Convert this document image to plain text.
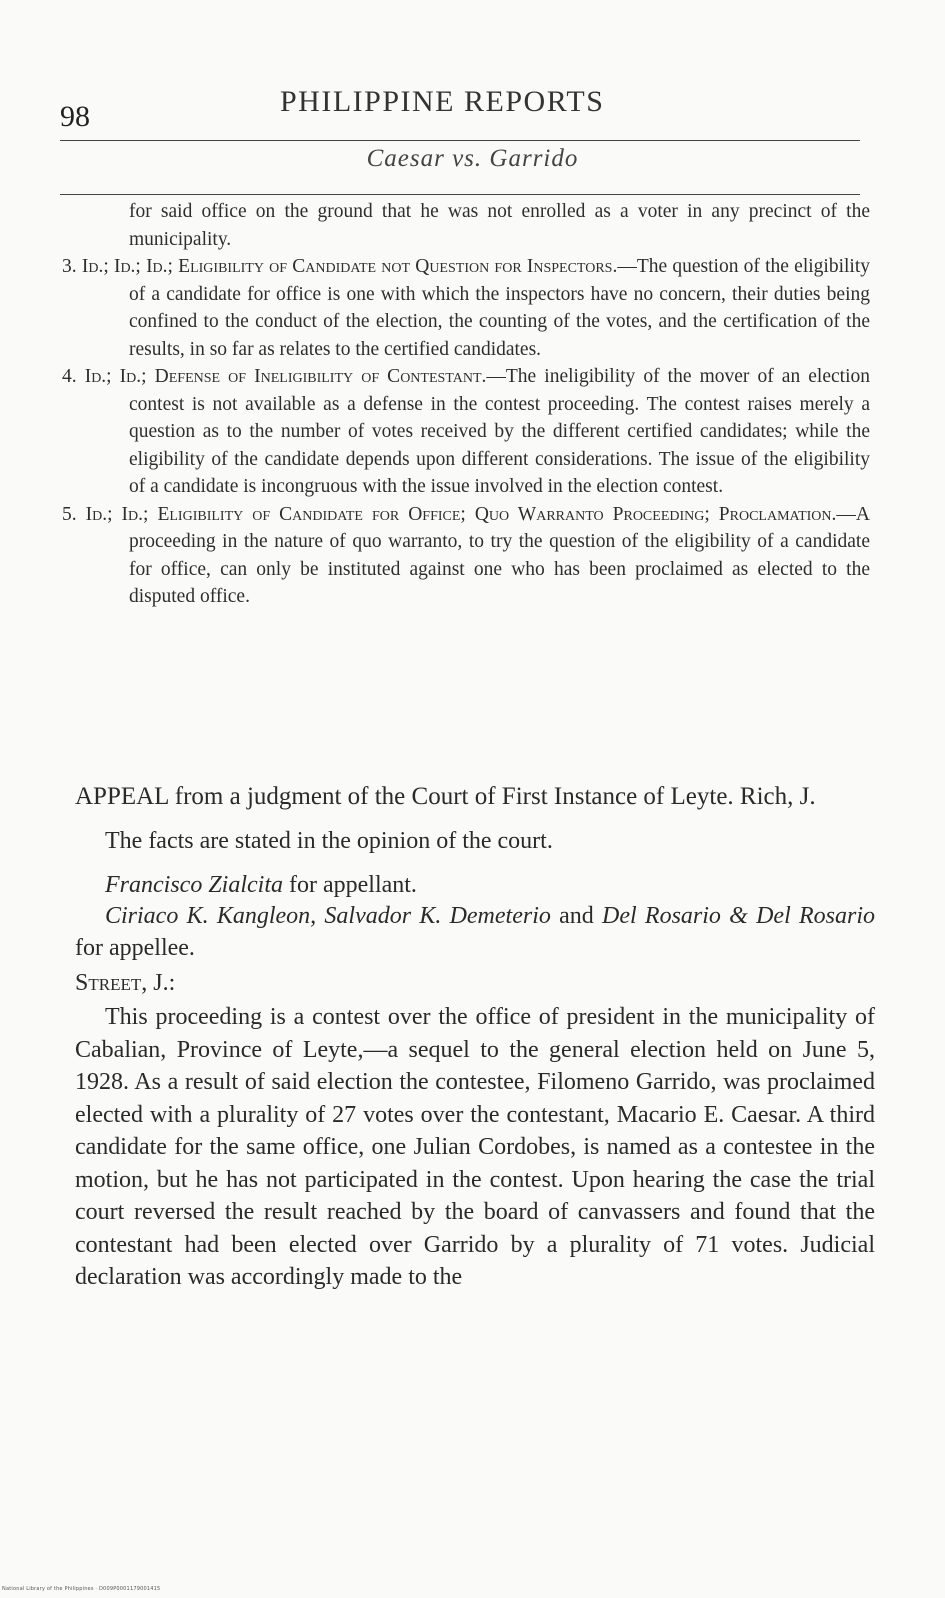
98	PHILIPPINE REPORTS
Caesar vs. Garrido

for said office on the ground that he was not enrolled as a voter in any precinct of the municipality.

3. Id.; Id.; Id.; Eligibility of Candidate not Question for Inspectors.—The question of the eligibility of a candidate for office is one with which the inspectors have no concern, their duties being confined to the conduct of the election, the counting of the votes, and the certification of the results, in so far as relates to the certified candidates.

4. Id.; Id.; Defense of Ineligibility of Contestant.—The ineligibility of the mover of an election contest is not available as a defense in the contest proceeding. The contest raises merely a question as to the number of votes received by the different certified candidates; while the eligibility of the candidate depends upon different considerations. The issue of the eligibility of a candidate is incongruous with the issue involved in the election contest.

5. Id.; Id.; Eligibility of Candidate for Office; Quo Warranto Proceeding; Proclamation.—A proceeding in the nature of quo warranto, to try the question of the eligibility of a candidate for office, can only be instituted against one who has been proclaimed as elected to the disputed office.

APPEAL from a judgment of the Court of First Instance of Leyte. Rich, J.

The facts are stated in the opinion of the court.

Francisco Zialcita for appellant.

Ciriaco K. Kangleon, Salvador K. Demeterio and Del Rosario & Del Rosario for appellee.

Street, J.:

This proceeding is a contest over the office of president in the municipality of Cabalian, Province of Leyte,—a sequel to the general election held on June 5, 1928. As a result of said election the contestee, Filomeno Garrido, was proclaimed elected with a plurality of 27 votes over the contestant, Macario E. Caesar. A third candidate for the same office, one Julian Cordobes, is named as a contestee in the motion, but he has not participated in the contest. Upon hearing the case the trial court reversed the result reached by the board of canvassers and found that the contestant had been elected over Garrido by a plurality of 71 votes. Judicial declaration was accordingly made to the

National Library of the Philippines · D009P0001179001415
